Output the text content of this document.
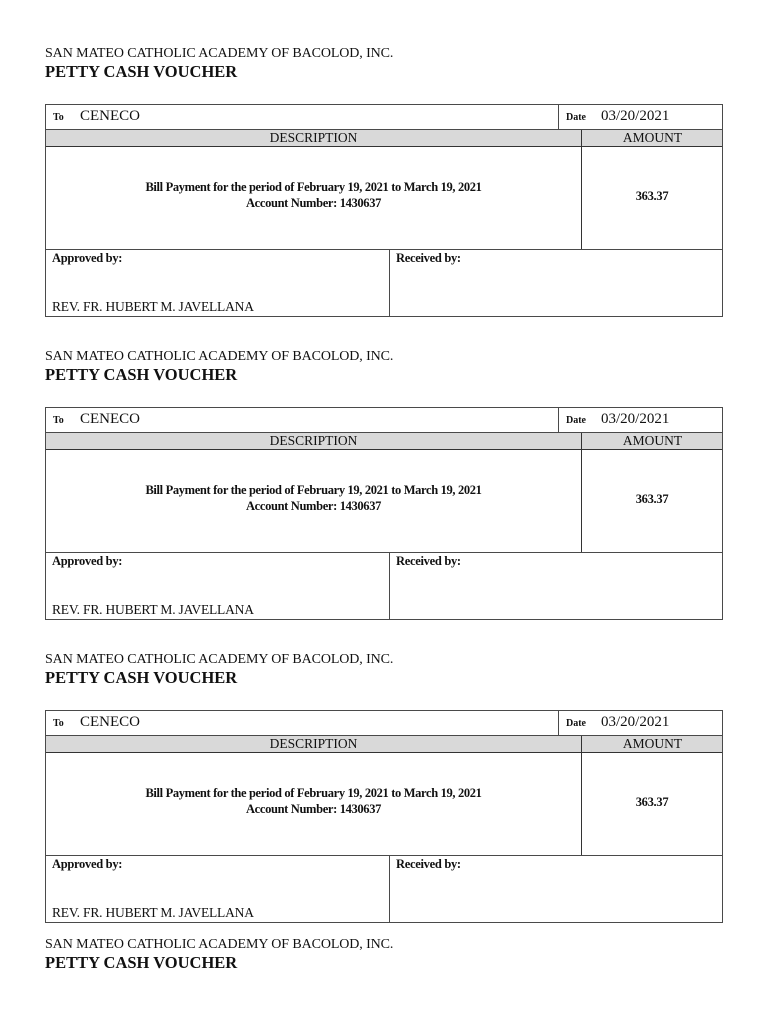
SAN MATEO CATHOLIC ACADEMY OF BACOLOD, INC.
PETTY CASH VOUCHER
To CENECO	Date 03/20/2021
DESCRIPTION	AMOUNT
Bill Payment for the period of February 19, 2021 to March 19, 2021
Account Number: 1430637
363.37
Approved by:
REV. FR. HUBERT M. JAVELLANA
Received by:
SAN MATEO CATHOLIC ACADEMY OF BACOLOD, INC.
PETTY CASH VOUCHER
To CENECO	Date 03/20/2021
DESCRIPTION	AMOUNT
Bill Payment for the period of February 19, 2021 to March 19, 2021
Account Number: 1430637
363.37
Approved by:
REV. FR. HUBERT M. JAVELLANA
Received by:
SAN MATEO CATHOLIC ACADEMY OF BACOLOD, INC.
PETTY CASH VOUCHER
To CENECO	Date 03/20/2021
DESCRIPTION	AMOUNT
Bill Payment for the period of February 19, 2021 to March 19, 2021
Account Number: 1430637
363.37
Approved by:
REV. FR. HUBERT M. JAVELLANA
Received by:
SAN MATEO CATHOLIC ACADEMY OF BACOLOD, INC.
PETTY CASH VOUCHER
